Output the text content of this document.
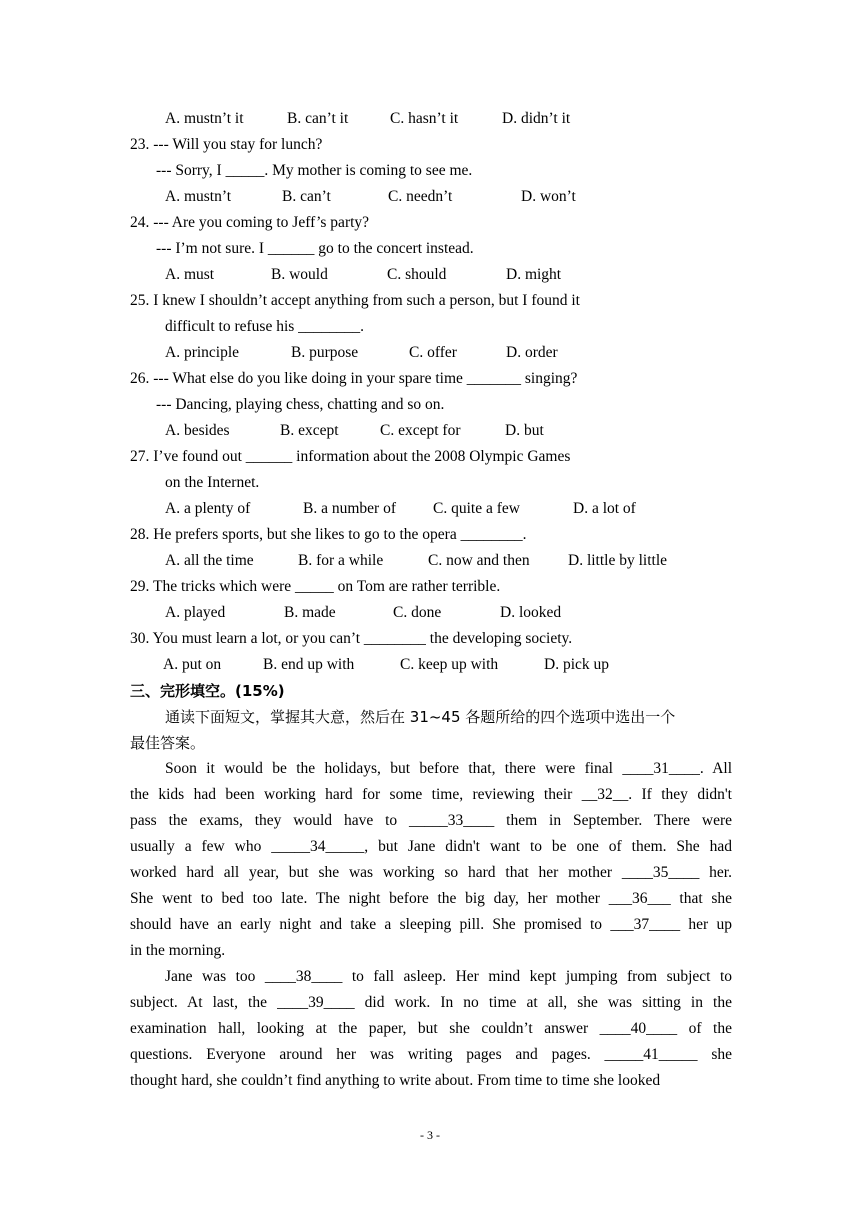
A. mustn’t it	B. can’t it	C. hasn’t it	D. didn’t it
23. --- Will you stay for lunch?
--- Sorry, I _____. My mother is coming to see me.
A. mustn’t	B. can’t	C. needn’t	D. won’t
24. --- Are you coming to Jeff’s party?
--- I’m not sure. I ______ go to the concert instead.
A. must	B. would	C. should	D. might
25. I knew I shouldn’t accept anything from such a person, but I found it
difficult to refuse his ________.
A. principle	B. purpose	C. offer	D. order
26. --- What else do you like doing in your spare time _______ singing?
--- Dancing, playing chess, chatting and so on.
A. besides	B. except	C. except for	D. but
27. I’ve found out ______ information about the 2008 Olympic Games
on the Internet.
A. a plenty of	B. a number of C. quite a few	D. a lot of
28. He prefers sports, but she likes to go to the opera ________.
A. all the time	B. for a while	C. now and then D. little by little
29. The tricks which were _____ on Tom are rather terrible.
A. played	B. made	C. done	D. looked
30. You must learn a lot, or you can’t ________ the developing society.
A. put on	B. end up with	C. keep up with	D. pick up
三、完形填空。(15%)
通读下面短文，掌握其大意，然后在 31~45 各题所给的四个选项中选出一个
最佳答案。
Soon it would be the holidays, but before that, there were final ____31____. All
the kids had been working hard for some time, reviewing their __32__. If they didn't
pass the exams, they would have to _____33____ them in September. There were
usually a few who _____34_____, but Jane didn't want to be one of them. She had
worked hard all year, but she was working so hard that her mother ____35____ her.
She went to bed too late. The night before the big day, her mother ___36___ that she
should have an early night and take a sleeping pill. She promised to ___37____ her up
in the morning.
Jane was too ____38____ to fall asleep. Her mind kept jumping from subject to
subject. At last, the ____39____ did work. In no time at all, she was sitting in the
examination hall, looking at the paper, but she couldn’t answer ____40____ of the
questions. Everyone around her was writing pages and pages. _____41_____ she
thought hard, she couldn’t find anything to write about. From time to time she looked
- 3 -
